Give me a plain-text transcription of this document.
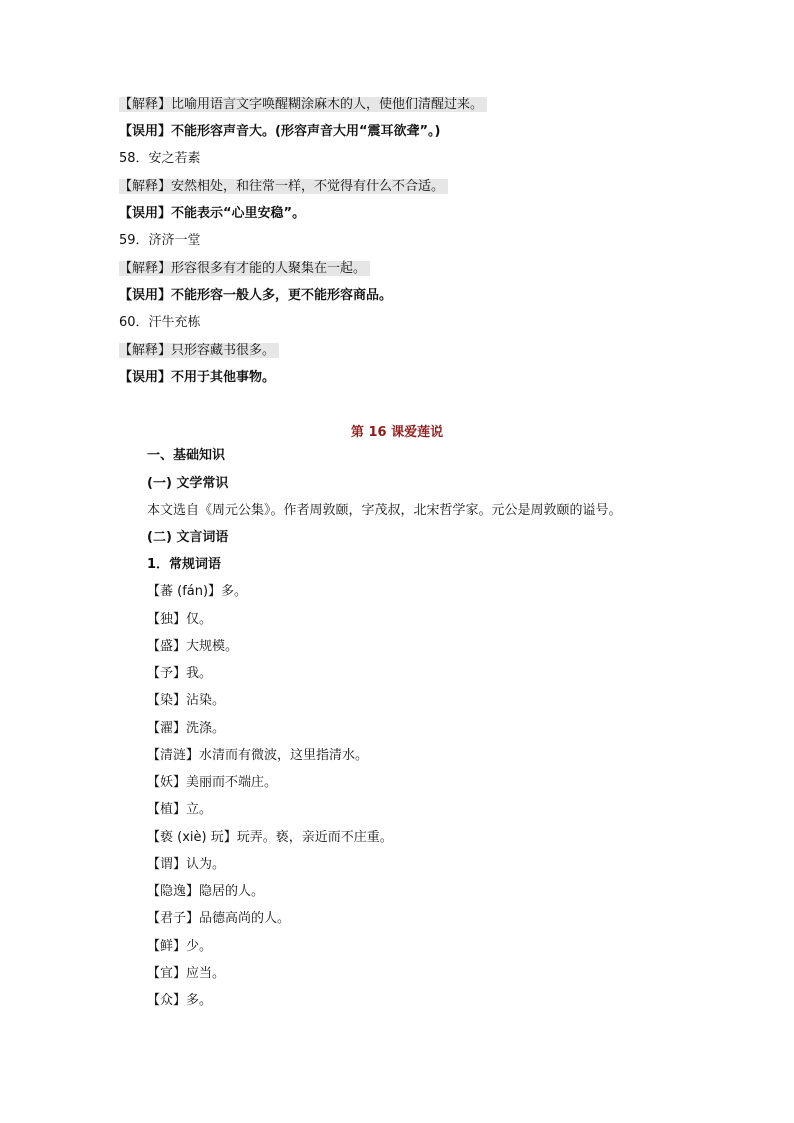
【解释】比喻用语言文字唤醒糊涂麻木的人，使他们清醒过来。
【误用】不能形容声音大。(形容声音大用“震耳欲聋”。)
58．安之若素
【解释】安然相处，和往常一样，不觉得有什么不合适。
【误用】不能表示“心里安稳”。
59．济济一堂
【解释】形容很多有才能的人聚集在一起。
【误用】不能形容一般人多，更不能形容商品。
60．汗牛充栋
【解释】只形容藏书很多。
【误用】不用于其他事物。
第 16 课爱莲说
一、基础知识
(一) 文学常识
本文选自《周元公集》。作者周敦颐，字茂叔，北宋哲学家。元公是周敦颐的谥号。
(二) 文言词语
1．常规词语
【蕃 (fán)】多。
【独】仅。
【盛】大规模。
【予】我。
【染】沾染。
【濯】洗涤。
【清涟】水清而有微波，这里指清水。
【妖】美丽而不端庄。
【植】立。
【亵 (xiè) 玩】玩弄。亵，亲近而不庄重。
【谓】认为。
【隐逸】隐居的人。
【君子】品德高尚的人。
【鲜】少。
【宜】应当。
【众】多。
